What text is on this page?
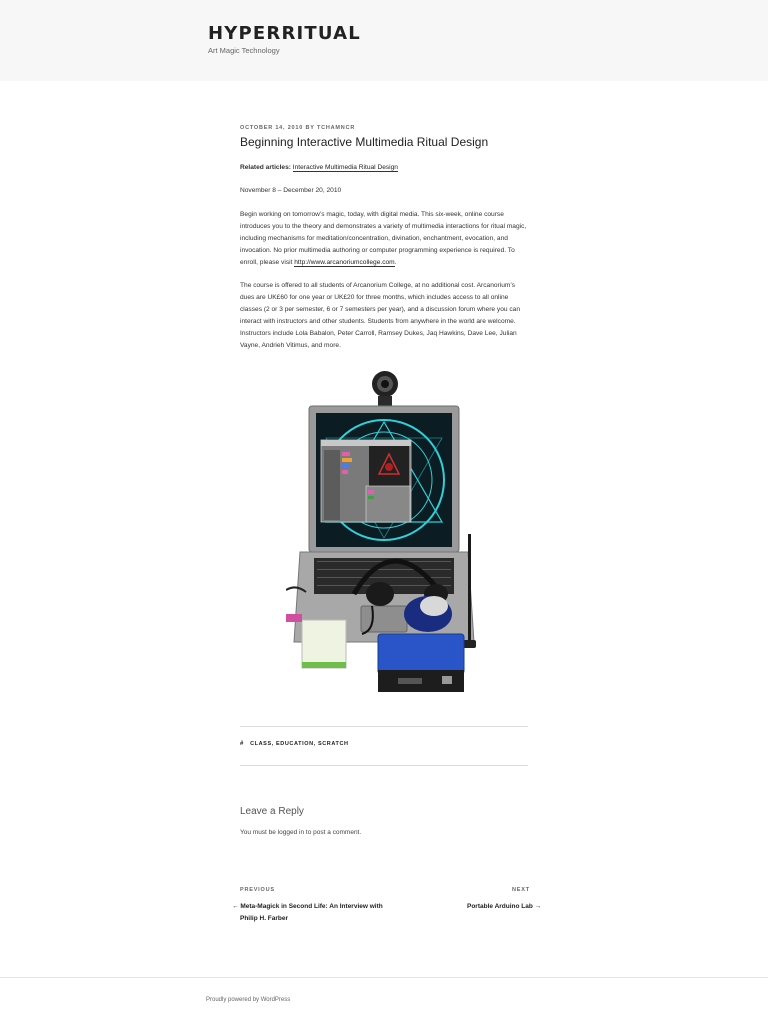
HYPERRITUAL
Art Magic Technology
OCTOBER 14, 2010 BY TCHAMNCR
Beginning Interactive Multimedia Ritual Design

Related articles: Interactive Multimedia Ritual Design

November 8 – December 20, 2010

Begin working on tomorrow’s magic, today, with digital media. This six-week, online course introduces you to the theory and demonstrates a variety of multimedia interactions for ritual magic, including mechanisms for meditation/concentration, divination, enchantment, evocation, and invocation. No prior multimedia authoring or computer programming experience is required. To enroll, please visit http://www.arcanoriumcollege.com.

The course is offered to all students of Arcanorium College, at no additional cost. Arcanorium’s dues are UK£60 for one year or UK£20 for three months, which includes access to all online classes (2 or 3 per semester, 6 or 7 semesters per year), and a discussion forum where you can interact with instructors and other students. Students from anywhere in the world are welcome. Instructors include Lola Babalon, Peter Carroll, Ramsey Dukes, Jaq Hawkins, Dave Lee, Julian Vayne, Andrieh Vitimus, and more.

# CLASS, EDUCATION, SCRATCH
Leave a Reply
You must be logged in to post a comment.
PREVIOUS
← Meta-Magick in Second Life: An Interview with
Philip H. Farber
NEXT
Portable Arduino Lab →
Proudly powered by WordPress
